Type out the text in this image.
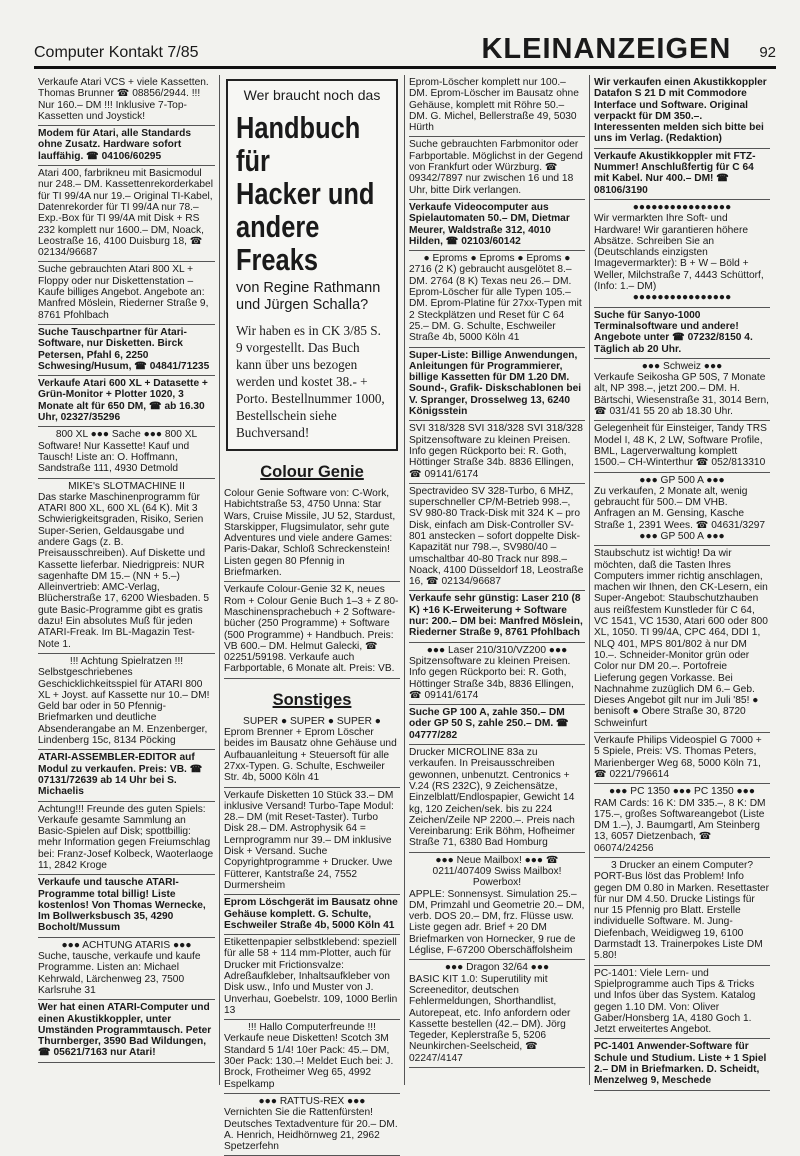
Computer Kontakt 7/85	KLEINANZEIGEN 92

Verkaufe Atari VCS + viele Kassetten. Thomas Brunner ☎ 08856/2944. !!! Nur 160.– DM !!! Inklusive 7-Top-Kassetten und Joystick!

Modem für Atari, alle Standards ohne Zusatz. Hardware sofort lauffähig. ☎ 04106/60295

Atari 400, farbrikneu mit Basicmodul nur 248.– DM. Kassettenrekorderkabel für TI 99/4A nur 19.– Original TI-Kabel, Datenrekorder für TI 99/4A nur 78.–Exp.-Box für TI 99/4A mit Disk + RS 232 komplett nur 1600.– DM, Noack, Leostraße 16, 4100 Duisburg 18, ☎ 02134/96687

Suche gebrauchten Atari 800 XL + Floppy oder nur Diskettenstation – Kaufe billiges Angebot. Angebote an: Manfred Möslein, Riederner Straße 9, 8761 Pfohlbach

Suche Tauschpartner für Atari-Software, nur Disketten. Birck Petersen, Pfahl 6, 2250 Schwesing/Husum, ☎ 04841/71235

Verkaufe Atari 600 XL + Datasette + Grün-Monitor + Plotter 1020, 3 Monate alt für 650 DM, ☎ ab 16.30 Uhr, 02327/35296

800 XL ●●● Sache ●●● 800 XL

Software! Nur Kassette! Kauf und Tausch! Liste an: O. Hoffmann, Sandstraße 111, 4930 Detmold

MIKE's SLOTMACHINE II

Das starke Maschinenprogramm für ATARI 800 XL, 600 XL (64 K). Mit 3 Schwierigkeitsgraden, Risiko, Serien Super-Serien, Geldausgabe und andere Gags (z. B. Preisausschreiben). Auf Diskette und Kassette lieferbar. Niedrigpreis: NUR sagenhafte DM 15.– (NN + 5.–) Alleinvertrieb: AMC-Verlag, Blücherstraße 17, 6200 Wiesbaden. 5 gute Basic-Programme gibt es gratis dazu! Ein absolutes Muß für jeden ATARI-Freak. Im BL-Magazin Test-Note 1.

!!! Achtung Spielratzen !!!

Selbstgeschriebenes Geschicklichkeitsspiel für ATARI 800 XL + Joyst. auf Kassette nur 10.– DM! Geld bar oder in 50 Pfennig-Briefmarken und deutliche Absenderangabe an M. Enzenberger, Lindenberg 15c, 8134 Pöcking

ATARI-ASSEMBLER-EDITOR auf Modul zu verkaufen. Preis: VB. ☎ 07131/72639 ab 14 Uhr bei S. Michaelis

Achtung!!! Freunde des guten Spiels: Verkaufe gesamte Sammlung an Basic-Spielen auf Disk; spottbillig: mehr Information gegen Freiumschlag bei: Franz-Josef Kolbeck, Waoterlaoge 11, 2842 Kroge

Verkaufe und tausche ATARI-Programme total billig! Liste kostenlos! Von Thomas Wernecke, Im Bollwerksbusch 35, 4290 Bocholt/Mussum

●●● ACHTUNG ATARIS ●●●

Suche, tausche, verkaufe und kaufe Programme. Listen an: Michael Kehrwald, Lärchenweg 23, 7500 Karlsruhe 31

Wer hat einen ATARI-Computer und einen Akustikkoppler, unter Umständen Programmtausch. Peter Thurnberger, 3590 Bad Wildungen, ☎ 05621/7163 nur Atari!

Wer braucht noch das
Handbuch für
Hacker und
andere Freaks
von Regine Rathmann und Jürgen Schalla?
Wir haben es in CK 3/85 S. 9 vorgestellt. Das Buch kann über uns bezogen werden und kostet 38.- + Porto. Bestellnummer 1000, Bestellschein siehe Buchversand!
Colour Genie

Colour Genie Software von: C-Work, Habichtstraße 53, 4750 Unna: Star Wars, Cruise Missile, JU 52, Stardust, Starskipper, Flugsimulator, sehr gute Adventures und viele andere Games: Paris-Dakar, Schloß Schreckenstein! Listen gegen 80 Pfennig in Briefmarken.

Verkaufe Colour-Genie 32 K, neues Rom + Colour Genie Buch 1–3 + Z 80-Maschinensprachebuch + 2 Software-bücher (250 Programme) + Software (500 Programme) + Handbuch. Preis: VB 600.– DM. Helmut Galecki, ☎ 02251/59198. Verkaufe auch Farbportable, 6 Monate alt. Preis: VB.

Sonstiges
SUPER ● SUPER ● SUPER ●

Eprom Brenner + Eprom Löscher beides im Bausatz ohne Gehäuse und Aufbauanleitung + Steuersoft für alle 27xx-Typen. G. Schulte, Eschweiler Str. 4b, 5000 Köln 41

Verkaufe Disketten 10 Stück 33.– DM inklusive Versand! Turbo-Tape Modul: 28.– DM (mit Reset-Taster). Turbo Disk 28.– DM. Astrophysik 64 = Lernprogramm nur 39.– DM inklusive Disk + Versand. Suche Copyrightprogramme + Drucker. Uwe Fütterer, Kantstraße 24, 7552 Durmersheim

Eprom Löschgerät im Bausatz ohne Gehäuse komplett. G. Schulte, Eschweiler Straße 4b, 5000 Köln 41

Etikettenpapier selbstklebend: speziell für alle 58 + 114 mm-Plotter, auch für Drucker mit Frictionsvalze: Adreßaufkleber, Inhaltsaufkleber von Disk usw., Info und Muster von J. Unverhau, Goebelstr. 109, 1000 Berlin 13

!!! Hallo Computerfreunde !!!

Verkaufe neue Disketten! Scotch 3M Standard 5 1/4! 10er Pack: 45.– DM, 30er Pack: 130.–! Meldet Euch bei: J. Brock, Frotheimer Weg 65, 4992 Espelkamp

●●● RATTUS-REX ●●●

Vernichten Sie die Rattenfürsten! Deutsches Textadventure für 20.– DM. A. Henrich, Heidhörnweg 21, 2962 Spetzerfehn

Eprom-Löscher komplett nur 100.– DM. Eprom-Löscher im Bausatz ohne Gehäuse, komplett mit Röhre 50.– DM. G. Michel, Bellerstraße 49, 5030 Hürth

Suche gebrauchten Farbmonitor oder Farbportable. Möglichst in der Gegend von Frankfurt oder Würzburg. ☎ 09342/7897 nur zwischen 16 und 18 Uhr, bitte Dirk verlangen.

Verkaufe Videocomputer aus Spielautomaten 50.– DM, Dietmar Meurer, Waldstraße 312, 4010 Hilden, ☎ 02103/60142

● Eproms ● Eproms ● Eproms ●

2716 (2 K) gebraucht ausgelötet 8.– DM. 2764 (8 K) Texas neu 26.– DM. Eprom-Löscher für alle Typen 105.– DM. Eprom-Platine für 27xx-Typen mit 2 Steckplätzen und Reset für C 64 25.– DM. G. Schulte, Eschweiler Straße 4b, 5000 Köln 41

Super-Liste: Billige Anwendungen, Anleitungen für Programmierer, billige Kassetten für DM 1.20 DM. Sound-, Grafik- Diskschablonen bei V. Spranger, Drosselweg 13, 6240 Königsstein

SVI 318/328 SVI 318/328 SVI 318/328 Spitzensoftware zu kleinen Preisen. Info gegen Rückporto bei: R. Goth, Höttinger Straße 34b. 8836 Ellingen, ☎ 09141/6174

Spectravideo SV 328-Turbo, 6 MHZ, superschneller CP/M-Betrieb 998.–, SV 980-80 Track-Disk mit 324 K – pro Disk, einfach am Disk-Controller SV-801 anstecken – sofort doppelte Disk-Kapazität nur 798.–, SV980/40 – umschaltbar 40-80 Track nur 898.– Noack, 4100 Düsseldorf 18, Leostraße 16, ☎ 02134/96687

Verkaufe sehr günstig: Laser 210 (8 K) +16 K-Erweiterung + Software nur: 200.– DM bei: Manfred Möslein, Riederner Straße 9, 8761 Pfohlbach

●●● Laser 210/310/VZ200 ●●●

Spitzensoftware zu kleinen Preisen. Info gegen Rückporto bei: R. Goth, Höttinger Straße 34b, 8836 Ellingen, ☎ 09141/6174

Suche GP 100 A, zahle 350.– DM oder GP 50 S, zahle 250.– DM. ☎ 04777/282

Drucker MICROLINE 83a zu verkaufen. In Preisausschreiben gewonnen, unbenutzt. Centronics + V.24 (RS 232C), 9 Zeichensätze, Einzelblatt/Endlospapier, Gewicht 14 kg, 120 Zeichen/sek. bis zu 224 Zeichen/Zeile NP 2200.–. Preis nach Vereinbarung: Erik Böhm, Hofheimer Straße 71, 6380 Bad Homburg

●●● Neue Mailbox! ●●● ☎ 0211/407409 Swiss Mailbox! Powerbox!

APPLE: Sonnensyst. Simulation 25.– DM, Primzahl und Geometrie 20.– DM, verb. DOS 20.– DM, frz. Flüsse usw. Liste gegen adr. Brief + 20 DM Briefmarken von Hornecker, 9 rue de Léglise, F-67200 Oberschäffolsheim

●●● Dragon 32/64 ●●●

BASIC KIT 1.0: Superutility mit Screeneditor, deutschen Fehlermeldungen, Shorthandlist, Autorepeat, etc. Info anfordern oder Kassette bestellen (42.– DM). Jörg Tegeder, Keplerstraße 5, 5206 Neunkirchen-Seelscheid, ☎ 02247/4147

Wir verkaufen einen Akustikkoppler Datafon S 21 D mit Commodore Interface und Software. Original verpackt für DM 350.–. Interessenten melden sich bitte bei uns im Verlag. (Redaktion)

Verkaufe Akustikkoppler mit FTZ-Nummer! Anschlußfertig für C 64 mit Kabel. Nur 400.– DM! ☎ 08106/3190

●●●●●●●●●●●●●●●●

Wir vermarkten Ihre Soft- und Hardware! Wir garantieren höhere Absätze. Schreiben Sie an (Deutschlands einzigsten Imagevermarkter): B + W – Böld + Weller, Milchstraße 7, 4443 Schüttorf, (Info: 1.– DM)

●●●●●●●●●●●●●●●●

Suche für Sanyo-1000 Terminalsoftware und andere! Angebote unter ☎ 07232/8150 4. Täglich ab 20 Uhr.

●●● Schweiz ●●●

Verkaufe Seikosha GP 50S, 7 Monate alt, NP 398.–, jetzt 200.– DM. H. Bärtschi, Wiesenstraße 31, 3014 Bern, ☎ 031/41 55 20 ab 18.30 Uhr.

Gelegenheit für Einsteiger, Tandy TRS Model I, 48 K, 2 LW, Software Profile, BML, Lagerverwaltung komplett 1500.– CH-Winterthur ☎ 052/813310

●●● GP 500 A ●●●

Zu verkaufen, 2 Monate alt, wenig gebraucht für 500.– DM VHB. Anfragen an M. Gensing, Kasche Straße 1, 2391 Wees. ☎ 04631/3297

●●● GP 500 A ●●●

Staubschutz ist wichtig! Da wir möchten, daß die Tasten Ihres Computers immer richtig anschlagen, machen wir Ihnen, den CK-Lesern, ein Super-Angebot: Staubschutzhauben aus reißfestem Kunstleder für C 64, VC 1541, VC 1530, Atari 600 oder 800 XL, 1050. TI 99/4A, CPC 464, DDI 1, NLQ 401, MPS 801/802 à nur DM 10.–. Schneider-Monitor grün oder Color nur DM 20.–. Portofreie Lieferung gegen Vorkasse. Bei Nachnahme zuzüglich DM 6.– Geb. Dieses Angebot gilt nur im Juli '85! ● benisoft ● Obere Straße 30, 8720 Schweinfurt

Verkaufe Philips Videospiel G 7000 + 5 Spiele, Preis: VS. Thomas Peters, Marienberger Weg 68, 5000 Köln 71, ☎ 0221/796614

●●● PC 1350 ●●● PC 1350 ●●●

RAM Cards: 16 K: DM 335.–, 8 K: DM 175.–, großes Softwareangebot (Liste DM 1.–), J. Baumgartl, Am Steinberg 13, 6057 Dietzenbach, ☎ 06074/24256

3 Drucker an einem Computer?

PORT-Bus löst das Problem! Info gegen DM 0.80 in Marken. Resettaster für nur DM 4.50. Drucke Listings für nur 15 Pfennig pro Blatt. Erstelle individuelle Software. M. Jung-Diefenbach, Weidigweg 19, 6100 Darmstadt 13. Trainerpokes Liste DM 5.80!

PC-1401: Viele Lern- und Spielprogramme auch Tips & Tricks und Infos über das System. Katalog gegen 1.10 DM. Von: Oliver Gaber/Honsberg 1A, 4180 Goch 1. Jetzt erweitertes Angebot.

PC-1401 Anwender-Software für Schule und Studium. Liste + 1 Spiel 2.– DM in Briefmarken. D. Scheidt, Menzelweg 9, Meschede
